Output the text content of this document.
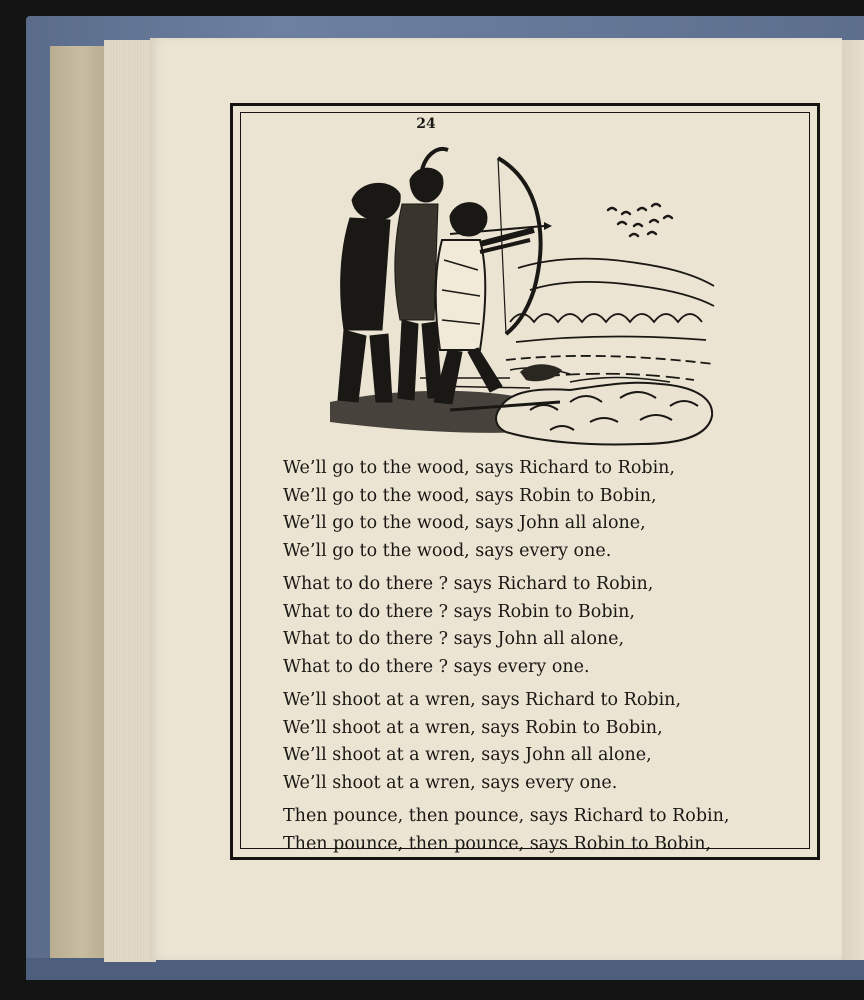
24
We’ll go to the wood, says Richard to Robin,
We’ll go to the wood, says Robin to Bobin,
We’ll go to the wood, says John all alone,
We’ll go to the wood, says every one.
What to do there ? says Richard to Robin,
What to do there ? says Robin to Bobin,
What to do there ? says John all alone,
What to do there ? says every one.
We’ll shoot at a wren, says Richard to Robin,
We’ll shoot at a wren, says Robin to Bobin,
We’ll shoot at a wren, says John all alone,
We’ll shoot at a wren, says every one.
Then pounce, then pounce, says Richard to Robin,
Then pounce, then pounce, says Robin to Bobin,
